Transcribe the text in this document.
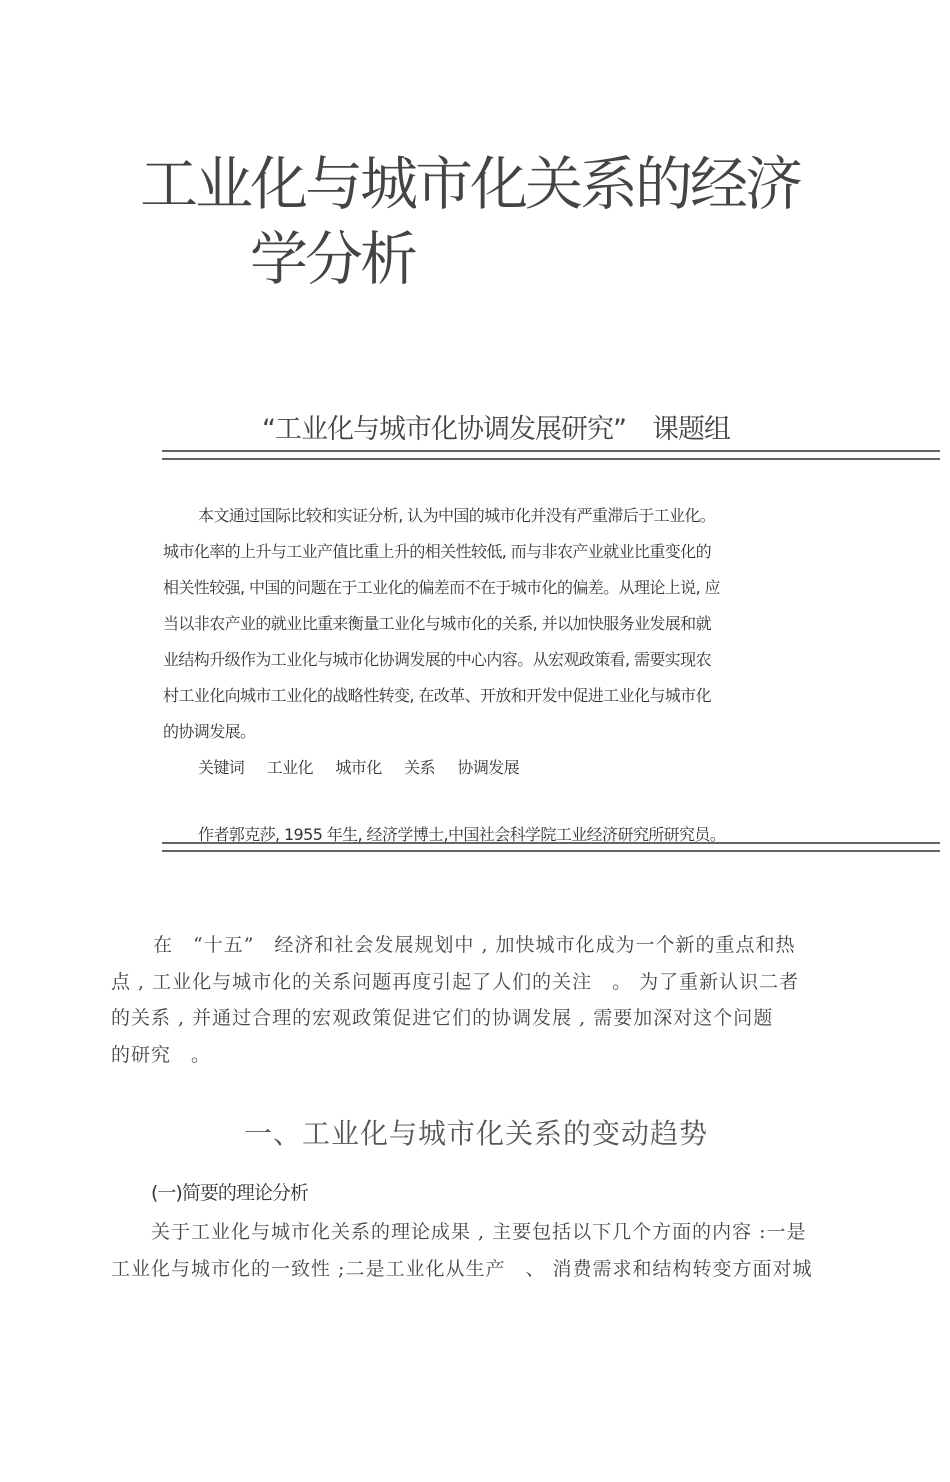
工业化与城市化关系的经济
学分析
“工业化与城市化协调发展研究”　课题组
本文通过国际比较和实证分析, 认为中国的城市化并没有严重滞后于工业化。
城市化率的上升与工业产值比重上升的相关性较低, 而与非农产业就业比重变化的
相关性较强, 中国的问题在于工业化的偏差而不在于城市化的偏差。从理论上说, 应
当以非农产业的就业比重来衡量工业化与城市化的关系, 并以加快服务业发展和就
业结构升级作为工业化与城市化协调发展的中心内容。从宏观政策看, 需要实现农
村工业化向城市工业化的战略性转变, 在改革、开放和开发中促进工业化与城市化
的协调发展。
关键词 工业化 城市化 关系 协调发展
作者郭克莎, 1955 年生, 经济学博士,中国社会科学院工业经济研究所研究员。
在　“十五”　经济和社会发展规划中 , 加快城市化成为一个新的重点和热
点 , 工业化与城市化的关系问题再度引起了人们的关注　。 为了重新认识二者
的关系 , 并通过合理的宏观政策促进它们的协调发展 , 需要加深对这个问题
的研究　。
一、工业化与城市化关系的变动趋势
(一)简要的理论分析
关于工业化与城市化关系的理论成果 , 主要包括以下几个方面的内容 :一是
工业化与城市化的一致性 ;二是工业化从生产　、 消费需求和结构转变方面对城
